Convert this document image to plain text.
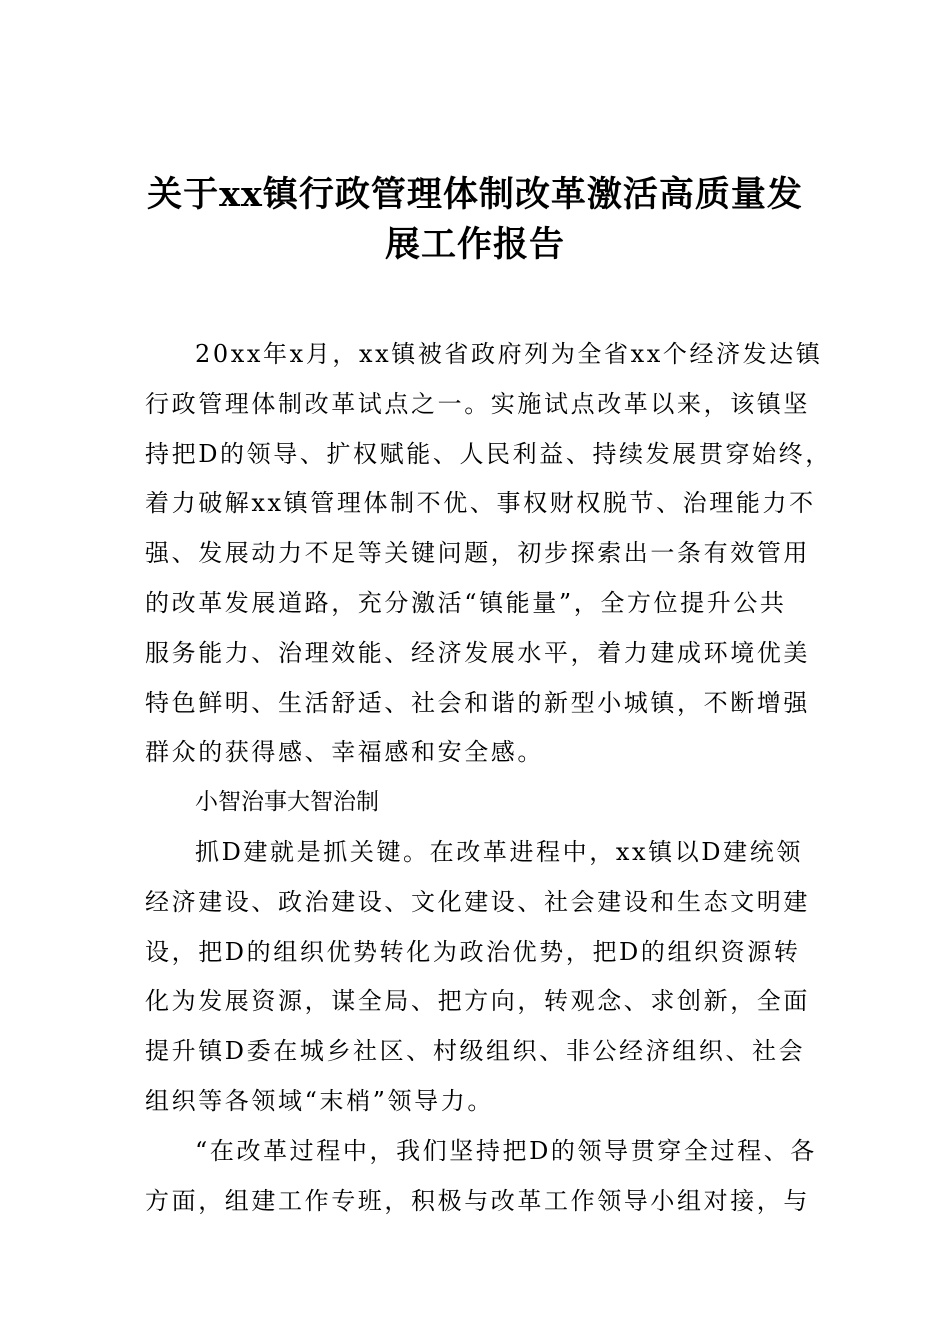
关于xx镇行政管理体制改革激活高质量发
展工作报告

20xx年x月，xx镇被省政府列为全省xx个经济发达镇
行政管理体制改革试点之一。实施试点改革以来，该镇坚
持把D的领导、扩权赋能、人民利益、持续发展贯穿始终，
着力破解xx镇管理体制不优、事权财权脱节、治理能力不
强、发展动力不足等关键问题，初步探索出一条有效管用
的改革发展道路，充分激活“镇能量”，全方位提升公共
服务能力、治理效能、经济发展水平，着力建成环境优美
特色鲜明、生活舒适、社会和谐的新型小城镇，不断增强
群众的获得感、幸福感和安全感。

小智治事大智治制

抓D建就是抓关键。在改革进程中，xx镇以D建统领
经济建设、政治建设、文化建设、社会建设和生态文明建
设，把D的组织优势转化为政治优势，把D的组织资源转
化为发展资源，谋全局、把方向，转观念、求创新，全面
提升镇D委在城乡社区、村级组织、非公经济组织、社会
组织等各领域“末梢”领导力。

“在改革过程中，我们坚持把D的领导贯穿全过程、各
方面，组建工作专班，积极与改革工作领导小组对接，与
